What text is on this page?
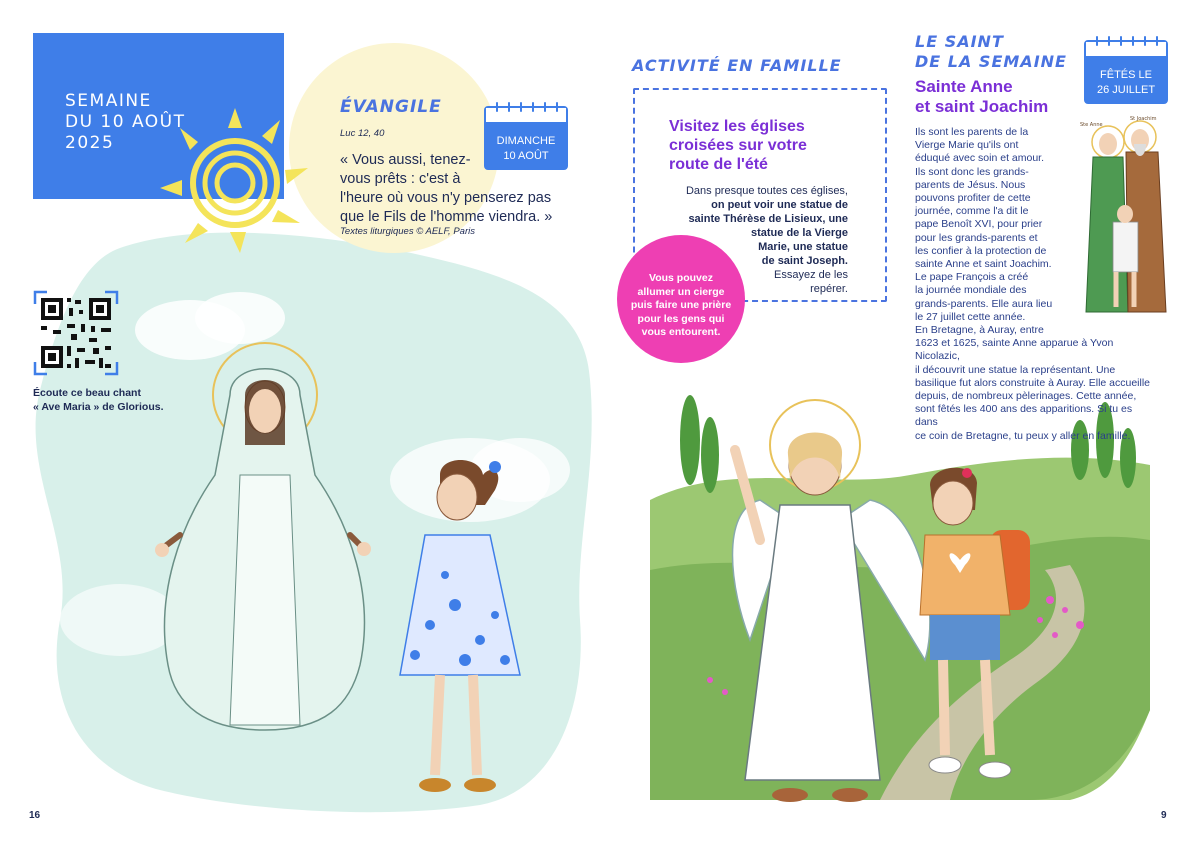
SEMAINE
DU 10 AOÛT
2025
ÉVANGILE
Luc 12, 40
DIMANCHE
10 AOÛT
« Vous aussi, tenez-
vous prêts : c'est à
l'heure où vous n'y penserez pas
que le Fils de l'homme viendra. »
Textes liturgiques © AELF, Paris
Écoute ce beau chant
« Ave Maria » de Glorious.
16
ACTIVITÉ EN FAMILLE
Visitez les églises
croisées sur votre
route de l'été
Dans presque toutes ces églises,
on peut voir une statue de
sainte Thérèse de Lisieux, une
statue de la Vierge
Marie, une statue
de saint Joseph.
Essayez de les
repérer.
Vous pouvez
allumer un cierge
puis faire une prière
pour les gens qui
vous entourent.
LE SAINT
DE LA SEMAINE
FÊTÉS LE
26 JUILLET
Sainte Anne
et saint Joachim
Ste Anne
St Joachim
Ils sont les parents de la
Vierge Marie qu'ils ont
éduqué avec soin et amour.
Ils sont donc les grands-
parents de Jésus. Nous
pouvons profiter de cette
journée, comme l'a dit le
pape Benoît XVI, pour prier
pour les grands-parents et
les confier à la protection de
sainte Anne et saint Joachim.
Le pape François a créé
la journée mondiale des
grands-parents. Elle aura lieu
le 27 juillet cette année.
En Bretagne, à Auray, entre
1623 et 1625, sainte Anne apparue à Yvon Nicolazic,
il découvrit une statue la représentant. Une
basilique fut alors construite à Auray. Elle accueille
depuis, de nombreux pèlerinages. Cette année,
sont fêtés les 400 ans des apparitions. Si tu es dans
ce coin de Bretagne, tu peux y aller en famille.
9
